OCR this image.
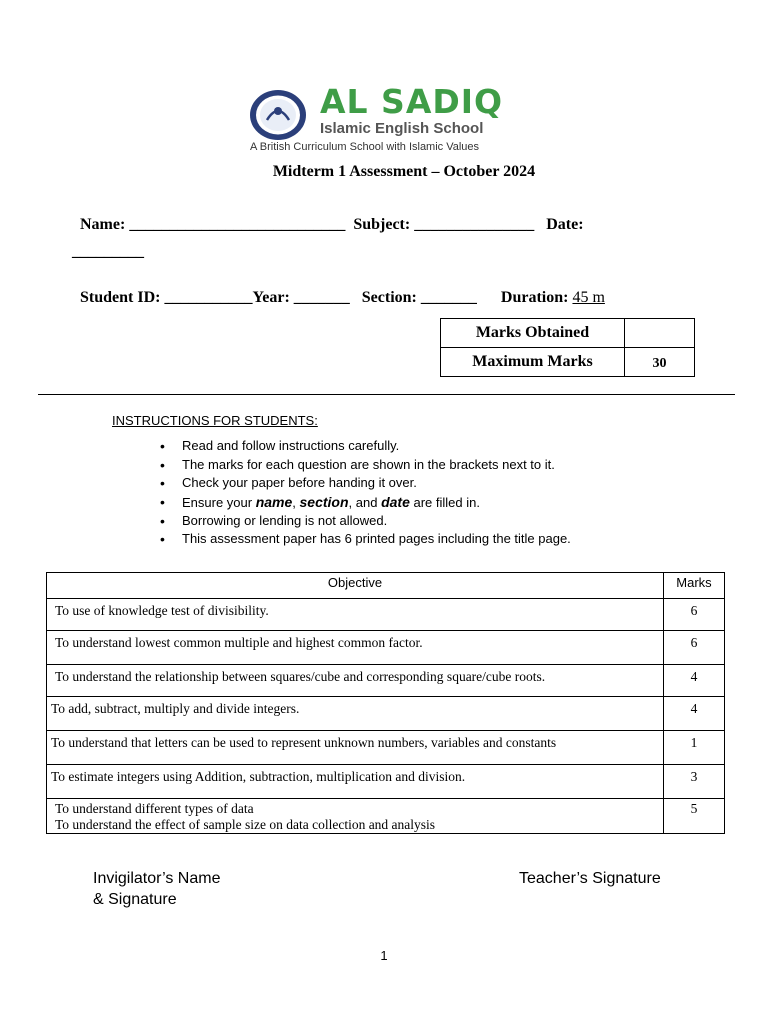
AL SADIQ
Islamic English School
A British Curriculum School with Islamic Values
Midterm 1 Assessment – October 2024
Name: ___________________________ Subject: _______________ Date:
_________
Student ID: ___________Year: _______ Section: _______ Duration: 45 m
Marks Obtained	
Maximum Marks	30
INSTRUCTIONS FOR STUDENTS:
• Read and follow instructions carefully.
• The marks for each question are shown in the brackets next to it.
• Check your paper before handing it over.
• Ensure your name, section, and date are filled in.
• Borrowing or lending is not allowed.
• This assessment paper has 6 printed pages including the title page.
Objective	Marks
To use of knowledge test of divisibility.	6
To understand lowest common multiple and highest common factor.	6
To understand the relationship between squares/cube and corresponding square/cube roots.	4
To add, subtract, multiply and divide integers.	4
To understand that letters can be used to represent unknown numbers, variables and constants	1
To estimate integers using Addition, subtraction, multiplication and division.	3

To understand different types of data
To understand the effect of sample size on data collection and analysis	5
Invigilator’s Name
& Signature
Teacher’s Signature
1
